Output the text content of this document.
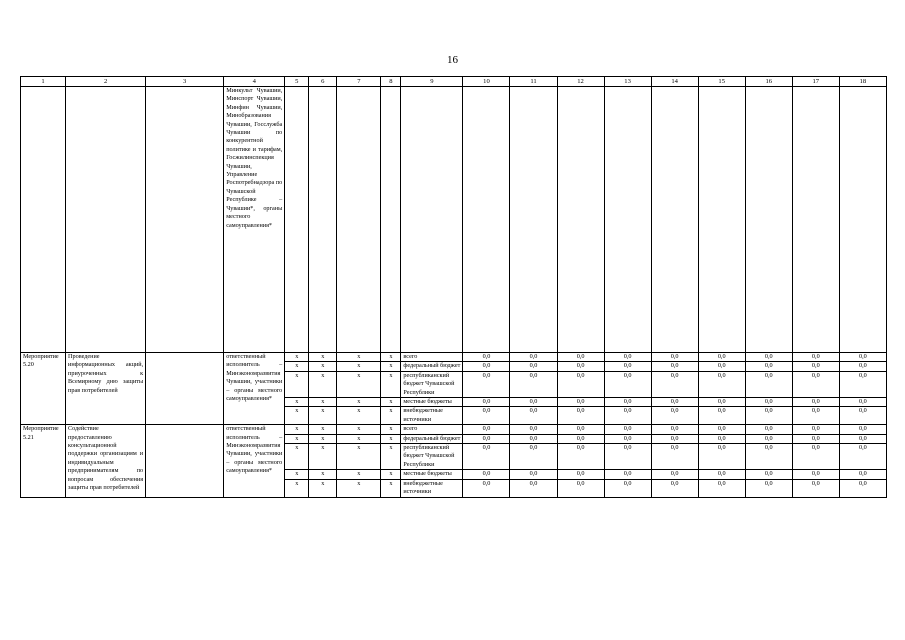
16
1	2	3	4	5	6	7	8	9	10	11	12	13	14	15	16	17	18
			Минкульт Чувашии, Минспорт Чувашии, Минфин Чувашии, Минобразования Чувашии, Госслужба Чувашии по конкурентной политике и тарифам, Госжилинспекция Чувашии, Управление Роспотребнадзора по Чувашской Республике – Чувашии*, органы местного самоуправления*														
Мероприятие 5.20	Проведение информационных акций, приуроченных к Всемирному дню защиты прав потребителей		ответственный исполнитель – Минэкономразвития Чувашии, участники – органы местного самоуправления*	х	х	х	х	всего	0,0	0,0	0,0	0,0	0,0	0,0	0,0	0,0	0,0
				х	х	х	х	федеральный бюджет	0,0	0,0	0,0	0,0	0,0	0,0	0,0	0,0	0,0
				х	х	х	х	республиканский бюджет Чувашской Республики	0,0	0,0	0,0	0,0	0,0	0,0	0,0	0,0	0,0
				х	х	х	х	местные бюджеты	0,0	0,0	0,0	0,0	0,0	0,0	0,0	0,0	0,0
				х	х	х	х	внебюджетные источники	0,0	0,0	0,0	0,0	0,0	0,0	0,0	0,0	0,0
Мероприятие 5.21	Содействие предоставлению консультационной поддержки организациям и индивидуальным предпринимателям по вопросам обеспечения защиты прав потребителей		ответственный исполнитель – Минэкономразвития Чувашии, участники – органы местного самоуправления*	х	х	х	х	всего	0,0	0,0	0,0	0,0	0,0	0,0	0,0	0,0	0,0
				х	х	х	х	федеральный бюджет	0,0	0,0	0,0	0,0	0,0	0,0	0,0	0,0	0,0
				х	х	х	х	республиканский бюджет Чувашской Республики	0,0	0,0	0,0	0,0	0,0	0,0	0,0	0,0	0,0
				х	х	х	х	местные бюджеты	0,0	0,0	0,0	0,0	0,0	0,0	0,0	0,0	0,0
				х	х	х	х	внебюджетные источники	0,0	0,0	0,0	0,0	0,0	0,0	0,0	0,0	0,0
